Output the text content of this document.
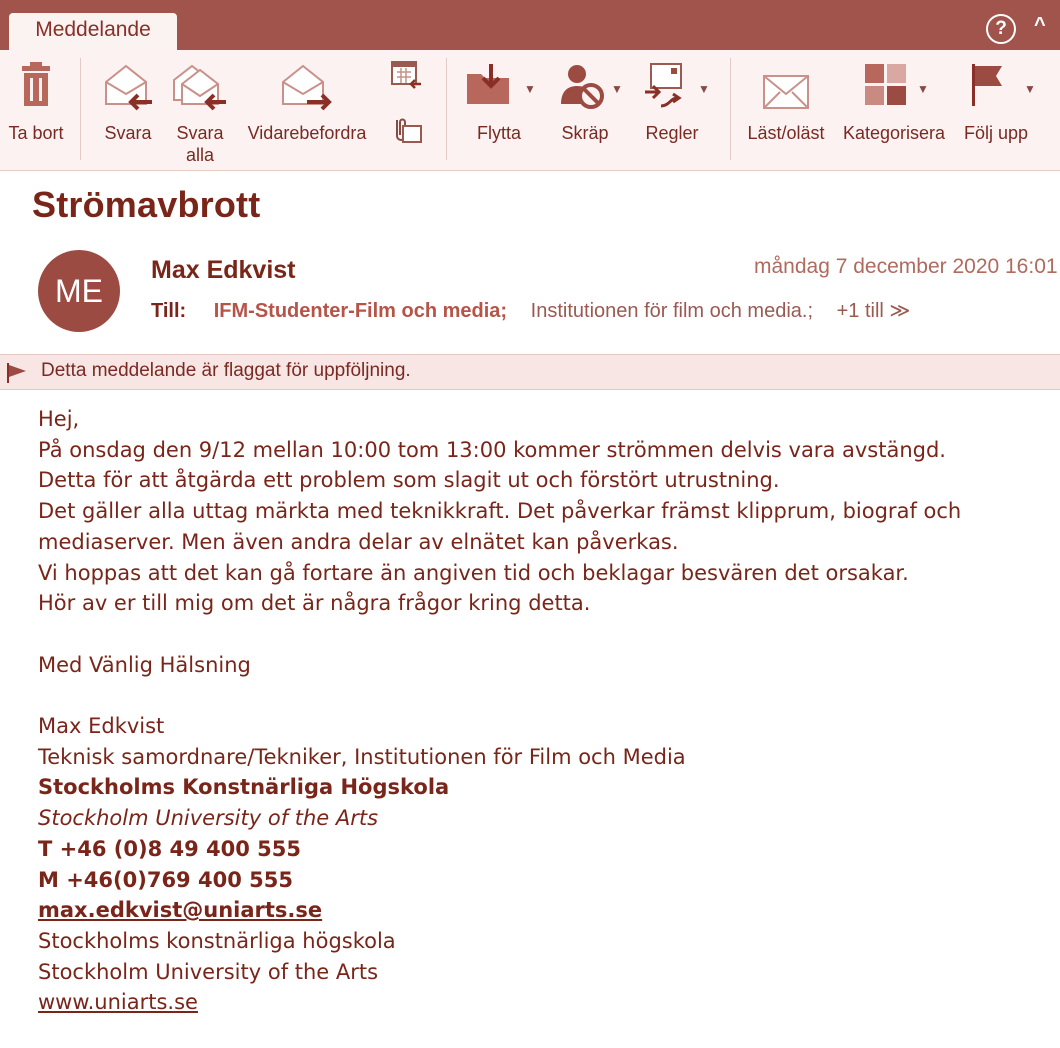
Meddelande	?	^
Ta bort	Svara	Svara
alla
Vidarebefordra	Flytta
▼
Skräp
▼
Regler
▼
Läst/oläst	Kategorisera
▼
Följ upp
▼
Strömavbrott
ME
Max Edkvist	måndag 7 december 2020 16:01
Till: IFM-Studenter-Film och media; Institutionen för film och media.; +1 till ≫
Detta meddelande är flaggat för uppföljning.
Hej,
På onsdag den 9/12 mellan 10:00 tom 13:00 kommer strömmen delvis vara avstängd.
Detta för att åtgärda ett problem som slagit ut och förstört utrustning.
Det gäller alla uttag märkta med teknikkraft. Det påverkar främst klipprum, biograf och
mediaserver. Men även andra delar av elnätet kan påverkas.
Vi hoppas att det kan gå fortare än angiven tid och beklagar besvären det orsakar.
Hör av er till mig om det är några frågor kring detta.
Med Vänlig Hälsning
Max Edkvist
Teknisk samordnare/Tekniker, Institutionen för Film och Media
Stockholms Konstnärliga Högskola
Stockholm University of the Arts
T +46 (0)8 49 400 555
M +46(0)769 400 555
max.edkvist@uniarts.se
Stockholms konstnärliga högskola
Stockholm University of the Arts
www.uniarts.se
